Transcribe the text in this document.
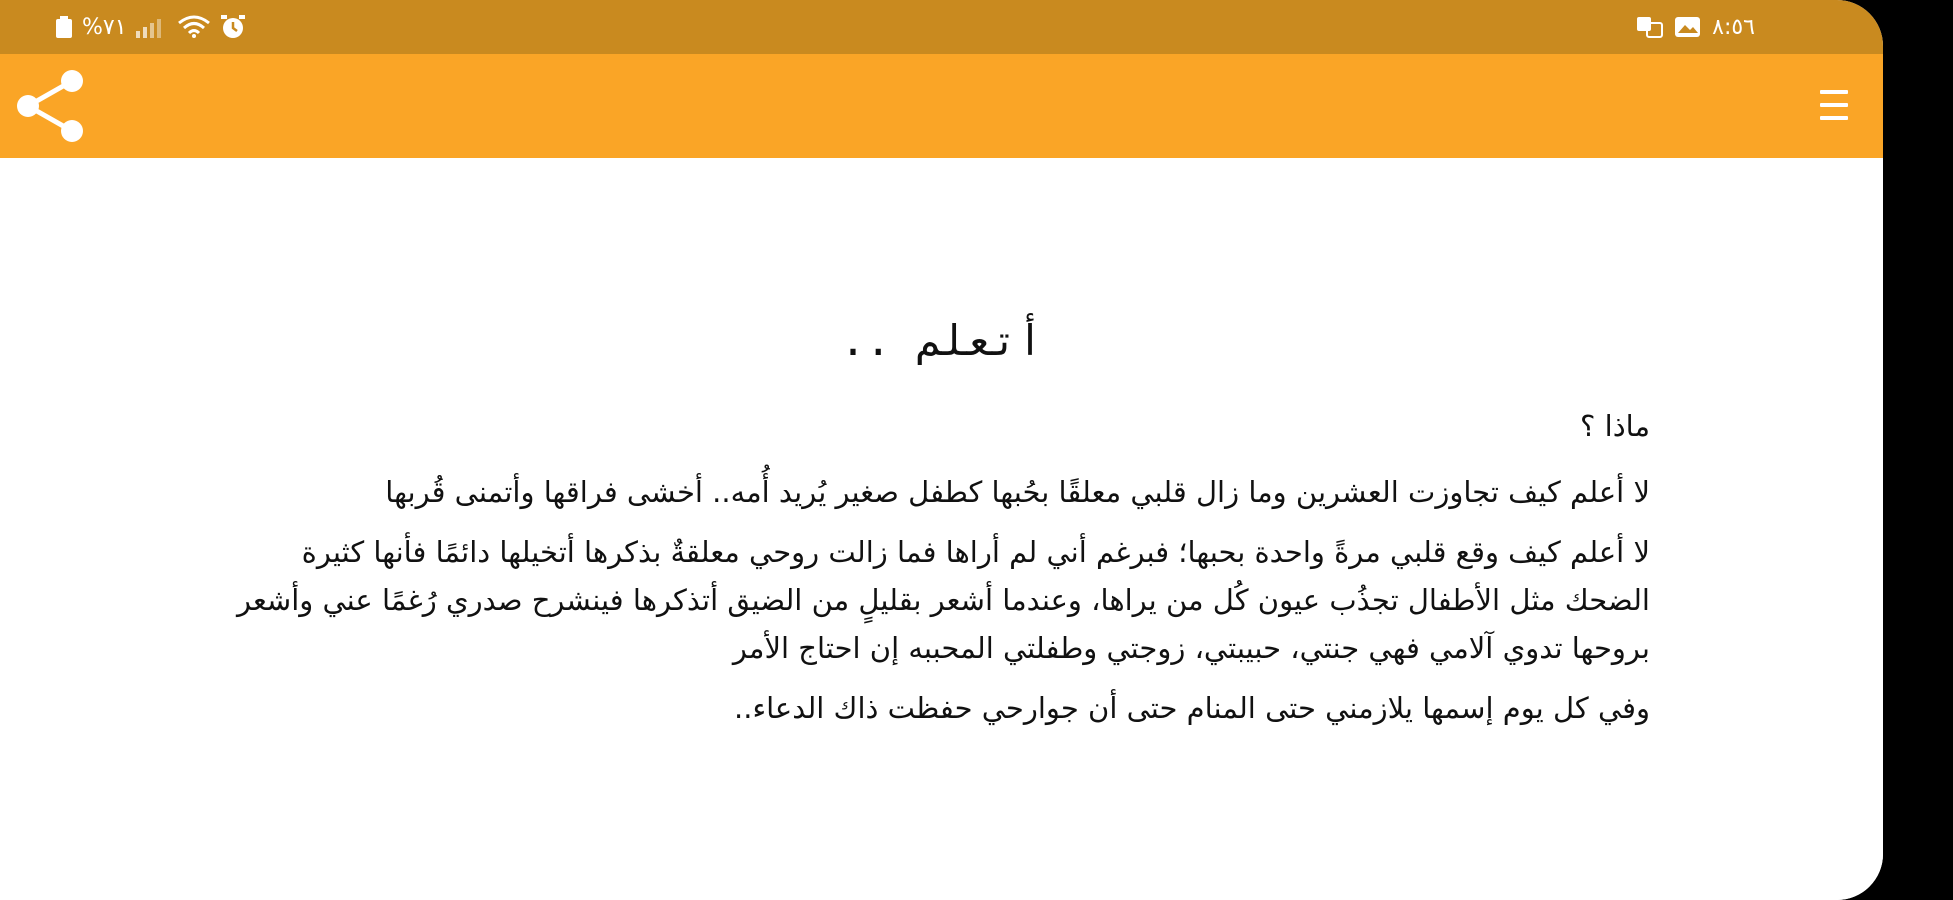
%٧١	٨:٥٦
أتعلم ..

ماذا ؟

لا أعلم كيف تجاوزت العشرين وما زال قلبي معلقًا بحُبها كطفل صغير يُريد أُمه.. أخشى فراقها وأتمنى قُربها

لا أعلم كيف وقع قلبي مرةً واحدة بحبها؛ فبرغم أني لم أراها فما زالت روحي معلقةٌ بذكرها أتخيلها دائمًا فأنها كثيرة الضحك مثل الأطفال تجذُب عيون كُل من يراها، وعندما أشعر بقليلٍ من الضيق أتذكرها فينشرح صدري رُغمًا عني وأشعر بروحها تدوي آلامي فهي جنتي، حبيبتي، زوجتي وطفلتي المحببه إن احتاج الأمر

وفي كل يوم إسمها يلازمني حتى المنام حتى أن جوارحي حفظت ذاك الدعاء..
